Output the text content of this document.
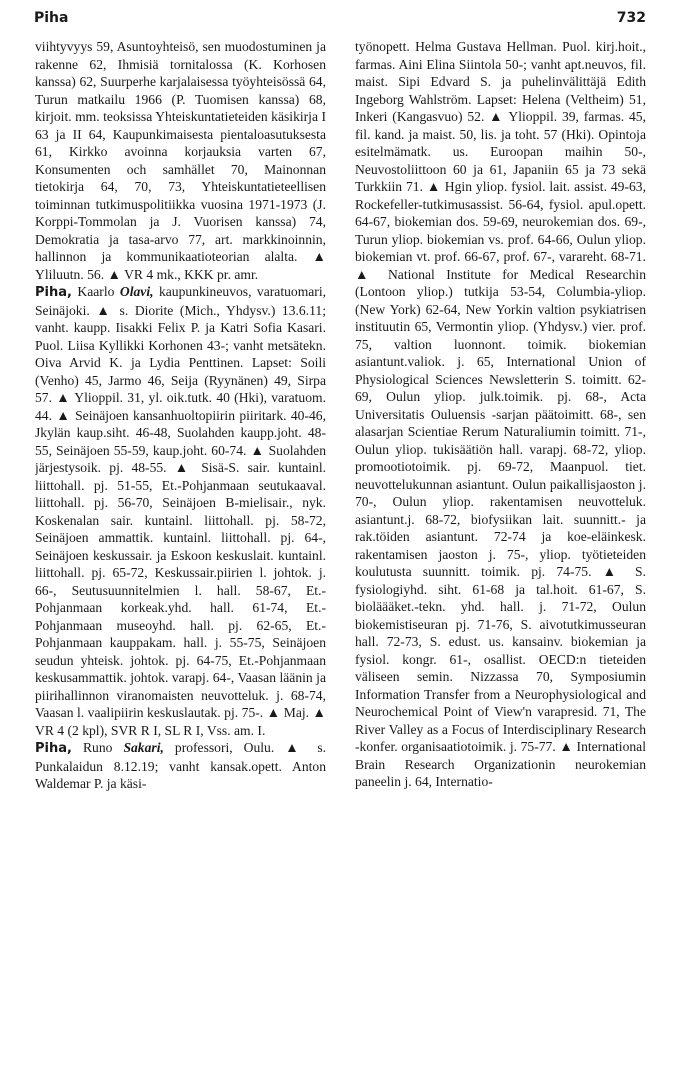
Piha	732

viihtyvyys 59, Asuntoyhteisö, sen muodostuminen ja rakenne 62, Ihmisiä tornitalossa (K. Korhosen kanssa) 62, Suurperhe karjalaisessa työyhteisössä 64, Turun matkailu 1966 (P. Tuomisen kanssa) 68, kirjoit. mm. teoksissa Yhteiskuntatieteiden käsikirja I 63 ja II 64, Kaupunkimaisesta pientaloasutuksesta 61, Kirkko avoinna korjauksia varten 67, Konsumenten och samhället 70, Mainonnan tietokirja 64, 70, 73, Yhteiskuntatieteellisen toiminnan tutkimuspolitiikka vuosina 1971-1973 (J. Korppi-Tommolan ja J. Vuorisen kanssa) 74, Demokratia ja tasa-arvo 77, art. markkinoinnin, hallinnon ja kommunikaatioteorian alalta. ▲ Yliluutn. 56. ▲ VR 4 mk., KKK pr. amr.

Piha, Kaarlo Olavi, kaupunkineuvos, varatuomari, Seinäjoki. ▲ s. Diorite (Mich., Yhdysv.) 13.6.11; vanht. kaupp. Iisakki Felix P. ja Katri Sofia Kasari. Puol. Liisa Kyllikki Korhonen 43-; vanht metsätekn. Oiva Arvid K. ja Lydia Penttinen. Lapset: Soili (Venho) 45, Jarmo 46, Seija (Ryynänen) 49, Sirpa 57. ▲ Ylioppil. 31, yl. oik.tutk. 40 (Hki), varatuom. 44. ▲ Seinäjoen kansanhuoltopiirin piiritark. 40-46, Jkylän kaup.siht. 46-48, Suolahden kaupp.joht. 48-55, Seinäjoen 55-59, kaup.joht. 60-74. ▲ Suolahden järjestysoik. pj. 48-55. ▲ Sisä-S. sair. kuntainl. liittohall. pj. 51-55, Et.-Pohjanmaan seutukaaval. liittohall. pj. 56-70, Seinäjoen B-mielisair., nyk. Koskenalan sair. kuntainl. liittohall. pj. 58-72, Seinäjoen ammattik. kuntainl. liittohall. pj. 64-, Seinäjoen keskussair. ja Eskoon keskuslait. kuntainl. liittohall. pj. 65-72, Keskussair.piirien l. johtok. j. 66-, Seutusuunnitelmien l. hall. 58-67, Et.-Pohjanmaan korkeak.yhd. hall. 61-74, Et.-Pohjanmaan museoyhd. hall. pj. 62-65, Et.-Pohjanmaan kauppakam. hall. j. 55-75, Seinäjoen seudun yhteisk. johtok. pj. 64-75, Et.-Pohjanmaan keskusammattik. johtok. varapj. 64-, Vaasan läänin ja piirihallinnon viranomaisten neuvotteluk. j. 68-74, Vaasan l. vaalipiirin keskuslautak. pj. 75-. ▲ Maj. ▲ VR 4 (2 kpl), SVR R I, SL R I, Vss. am. I.

Piha, Runo Sakari, professori, Oulu. ▲ s. Punkalaidun 8.12.19; vanht kansak.opett. Anton Waldemar P. ja käsi-

työnopett. Helma Gustava Hellman. Puol. kirj.hoit., farmas. Aini Elina Siintola 50-; vanht apt.neuvos, fil. maist. Sipi Edvard S. ja puhelinvälittäjä Edith Ingeborg Wahlström. Lapset: Helena (Veltheim) 51, Inkeri (Kangasvuo) 52. ▲ Ylioppil. 39, farmas. 45, fil. kand. ja maist. 50, lis. ja toht. 57 (Hki). Opintoja esitelmämatk. us. Euroopan maihin 50-, Neuvostoliittoon 60 ja 61, Japaniin 65 ja 73 sekä Turkkiin 71. ▲ Hgin yliop. fysiol. lait. assist. 49-63, Rockefeller-tutkimusassist. 56-64, fysiol. apul.opett. 64-67, biokemian dos. 59-69, neurokemian dos. 69-, Turun yliop. biokemian vs. prof. 64-66, Oulun yliop. biokemian vt. prof. 66-67, prof. 67-, varareht. 68-71. ▲ National Institute for Medical Researchin (Lontoon yliop.) tutkija 53-54, Columbia-yliop. (New York) 62-64, New Yorkin valtion psykiatrisen instituutin 65, Vermontin yliop. (Yhdysv.) vier. prof. 75, valtion luonnont. toimik. biokemian asiantunt.valiok. j. 65, International Union of Physiological Sciences Newsletterin S. toimitt. 62-69, Oulun yliop. julk.toimik. pj. 68-, Acta Universitatis Ouluensis -sarjan päätoimitt. 68-, sen alasarjan Scientiae Rerum Naturaliumin toimitt. 71-, Oulun yliop. tukisäätiön hall. varapj. 68-72, yliop. promootiotoimik. pj. 69-72, Maanpuol. tiet. neuvottelukunnan asiantunt. Oulun paikallisjaoston j. 70-, Oulun yliop. rakentamisen neuvotteluk. asiantunt.j. 68-72, biofysiikan lait. suunnitt.- ja rak.töiden asiantunt. 72-74 ja koe-eläinkesk. rakentamisen jaoston j. 75-, yliop. työtieteiden koulutusta suunnitt. toimik. pj. 74-75. ▲ S. fysiologiyhd. siht. 61-68 ja tal.hoit. 61-67, S. bioläääket.-tekn. yhd. hall. j. 71-72, Oulun biokemistiseuran pj. 71-76, S. aivotutkimusseuran hall. 72-73, S. edust. us. kansainv. biokemian ja fysiol. kongr. 61-, osallist. OECD:n tieteiden väliseen semin. Nizzassa 70, Symposiumin Information Transfer from a Neurophysiological and Neurochemical Point of View'n varapresid. 71, The River Valley as a Focus of Interdisciplinary Research -konfer. organisaatiotoimik. j. 75-77. ▲ International Brain Research Organizationin neurokemian paneelin j. 64, Internatio-
